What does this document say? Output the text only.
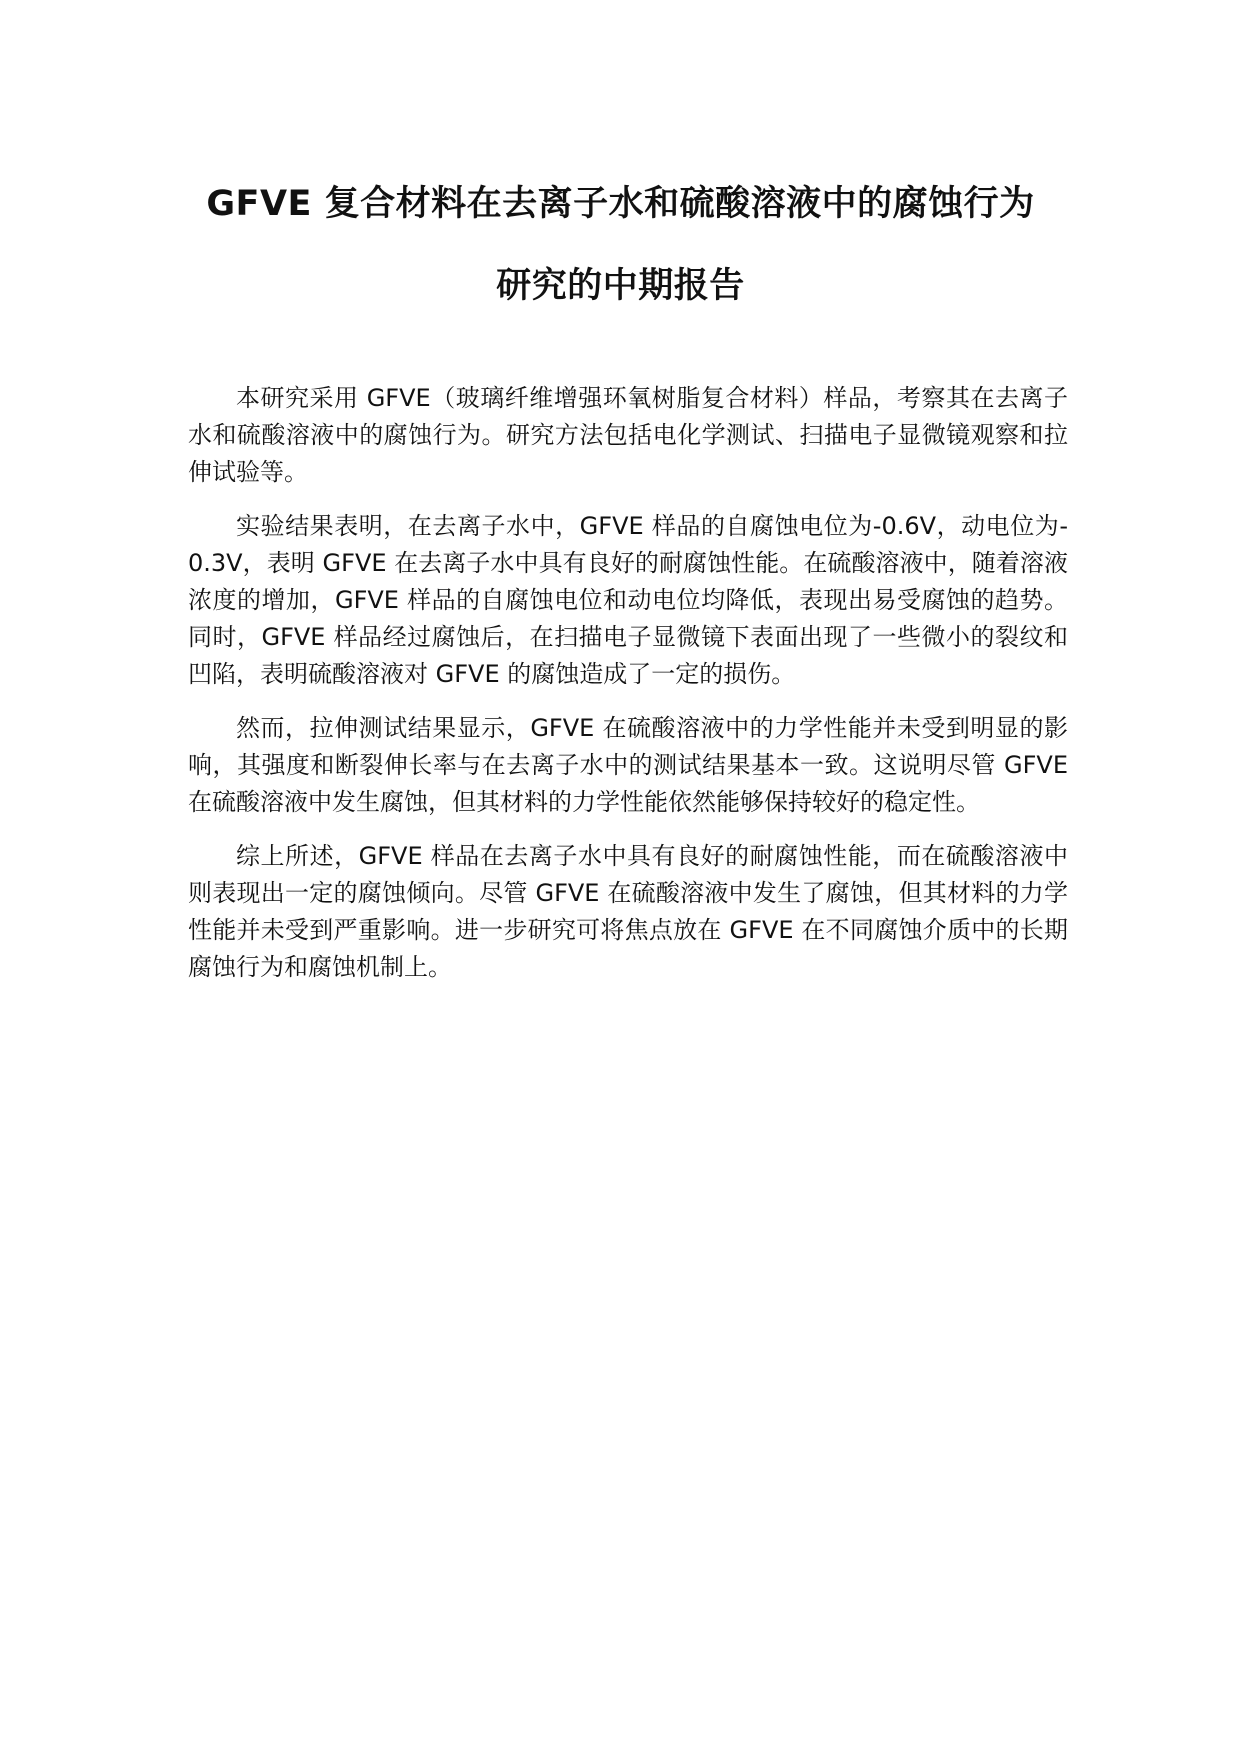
GFVE 复合材料在去离子水和硫酸溶液中的腐蚀行为
研究的中期报告

本研究采用 GFVE（玻璃纤维增强环氧树脂复合材料）样品，考察其在去离子水和硫酸溶液中的腐蚀行为。研究方法包括电化学测试、扫描电子显微镜观察和拉伸试验等。

实验结果表明，在去离子水中，GFVE 样品的自腐蚀电位为-0.6V，动电位为-0.3V，表明 GFVE 在去离子水中具有良好的耐腐蚀性能。在硫酸溶液中，随着溶液浓度的增加，GFVE 样品的自腐蚀电位和动电位均降低，表现出易受腐蚀的趋势。同时，GFVE 样品经过腐蚀后，在扫描电子显微镜下表面出现了一些微小的裂纹和凹陷，表明硫酸溶液对 GFVE 的腐蚀造成了一定的损伤。

然而，拉伸测试结果显示，GFVE 在硫酸溶液中的力学性能并未受到明显的影响，其强度和断裂伸长率与在去离子水中的测试结果基本一致。这说明尽管 GFVE 在硫酸溶液中发生腐蚀，但其材料的力学性能依然能够保持较好的稳定性。

综上所述，GFVE 样品在去离子水中具有良好的耐腐蚀性能，而在硫酸溶液中则表现出一定的腐蚀倾向。尽管 GFVE 在硫酸溶液中发生了腐蚀，但其材料的力学性能并未受到严重影响。进一步研究可将焦点放在 GFVE 在不同腐蚀介质中的长期腐蚀行为和腐蚀机制上。
